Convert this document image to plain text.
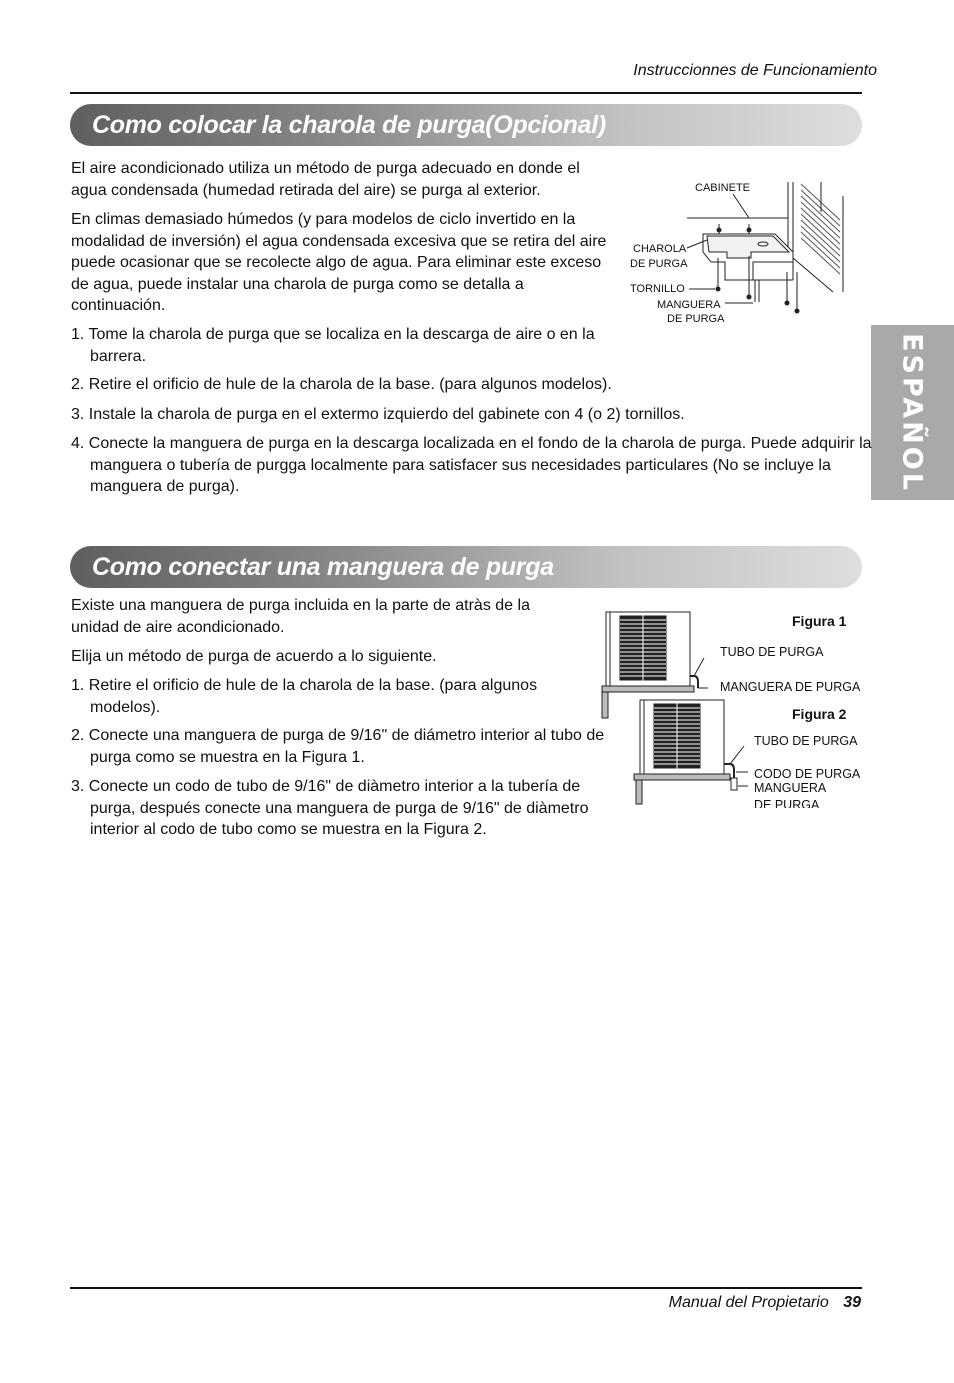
Instruccionnes de Funcionamiento
ESPAÑOL
Como colocar la charola de purga(Opcional)

El aire acondicionado utiliza un método de purga adecuado en donde el agua condensada (humedad retirada del aire) se purga al exterior.

En climas demasiado húmedos (y para modelos de ciclo invertido en la modalidad de inversión) el agua condensada excesiva que se retira del aire puede ocasionar que se recolecte algo de agua. Para eliminar este exceso de agua, puede instalar una charola de purga como se detalla a continuación.

1. Tome la charola de purga que se localiza en la descarga de aire o en la barrera.
2. Retire el orificio de hule de la charola de la base. (para algunos modelos).
3. Instale la charola de purga en el extermo izquierdo del gabinete con 4 (o 2) tornillos.
4. Conecte la manguera de purga en la descarga localizada en el fondo de la charola de purga. Puede adquirir la manguera o tubería de purgga localmente para satisfacer sus necesidades particulares (No se incluye la manguera de purga).
CABINETE
CHAROLA
DE PURGA
TORNILLO
MANGUERA
DE PURGA
Como conectar una manguera de purga

Existe una manguera de purga incluida en la parte de atràs de la unidad de aire acondicionado.

Elija un método de purga de acuerdo a lo siguiente.

1. Retire el orificio de hule de la charola de la base. (para algunos modelos).
2. Conecte una manguera de purga de 9/16" de diámetro interior al tubo de purga como se muestra en la Figura 1.
3. Conecte un codo de tubo de 9/16" de diàmetro interior a la tubería de purga, después conecte una manguera de purga de 9/16" de diàmetro interior al codo de tubo como se muestra en la Figura 2.
Figura 1
TUBO DE PURGA
MANGUERA DE PURGA
Figura 2
TUBO DE PURGA
CODO DE PURGA
MANGUERA
DE PURGA
Manual del Propietario 39
